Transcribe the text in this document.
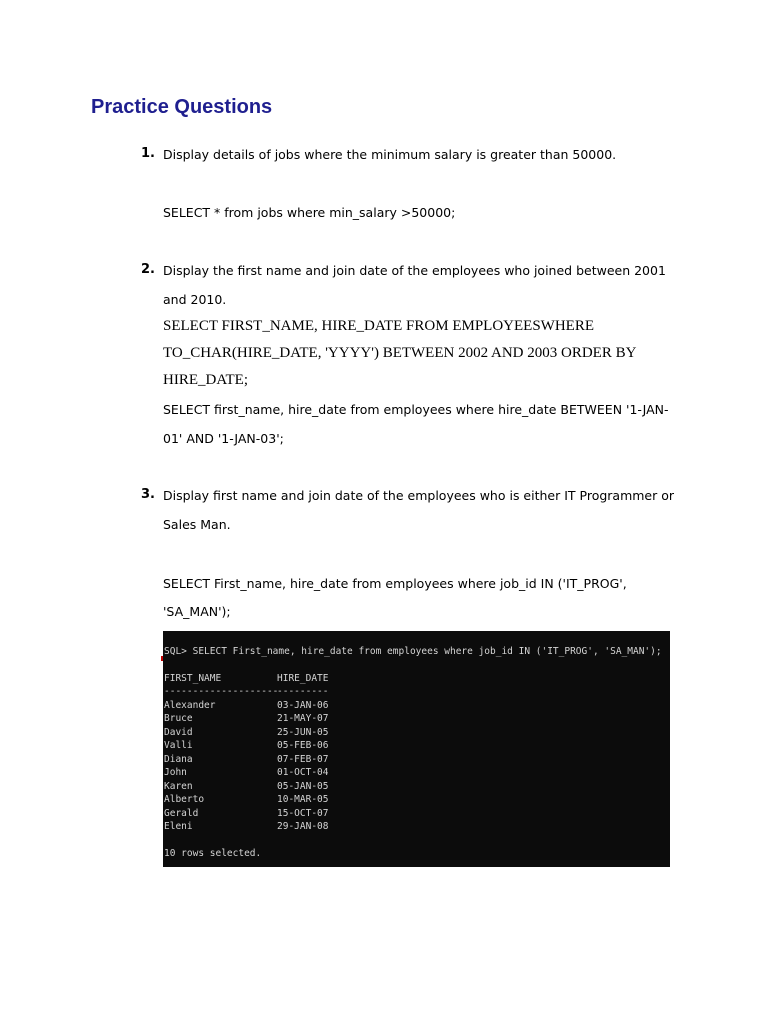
Practice Questions
1. Display details of jobs where the minimum salary is greater than 50000.
SELECT * from jobs where min_salary >50000;
2. Display the first name and join date of the employees who joined between 2001
and 2010.
SELECT FIRST_NAME, HIRE_DATE FROM EMPLOYEESWHERE
TO_CHAR(HIRE_DATE, 'YYYY') BETWEEN 2002 AND 2003 ORDER BY
HIRE_DATE;
SELECT first_name, hire_date from employees where hire_date BETWEEN '1-JAN-
01' AND '1-JAN-03';
3. Display first name and join date of the employees who is either IT Programmer or
Sales Man.
SELECT First_name, hire_date from employees where job_id IN ('IT_PROG',
'SA_MAN');
SQL> SELECT First_name, hire_date from employees where job_id IN ('IT_PROG', 'SA_MAN');
FIRST_NAME	HIRE_DATE
--------------------
---------
Alexander	03-JAN-06
Bruce	21-MAY-07
David	25-JUN-05
Valli	05-FEB-06
Diana	07-FEB-07
John	01-OCT-04
Karen	05-JAN-05
Alberto	10-MAR-05
Gerald	15-OCT-07
Eleni	29-JAN-08
10 rows selected.
